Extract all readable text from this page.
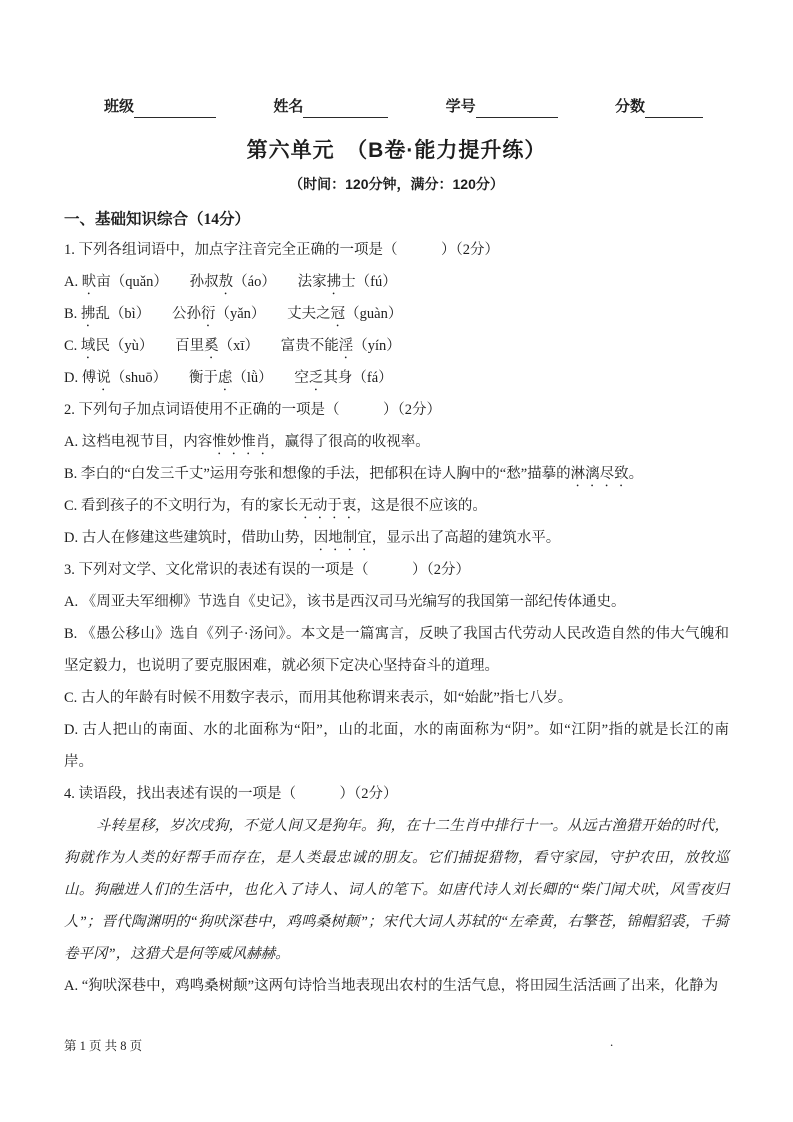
班级	姓名	学号	分数
第六单元　（B卷·能力提升练）
（时间：120分钟，满分：120分）
一、基础知识综合（14分）

1. 下列各组词语中，加点字注音完全正确的一项是（　　　）（2分）

A. 畎亩（quǎn）　　孙叔敖（áo）　　法家拂士（fú）

B. 拂乱（bì）　　公孙衍（yǎn）　　丈夫之冠（guàn）

C. 域民（yù）　　百里奚（xī）　　富贵不能淫（yín）

D. 傅说（shuō）　　衡于虑（lǜ）　　空乏其身（fá）

2. 下列句子加点词语使用不正确的一项是（　　　）（2分）

A. 这档电视节目，内容惟妙惟肖，赢得了很高的收视率。

B. 李白的“白发三千丈”运用夸张和想像的手法，把郁积在诗人胸中的“愁”描摹的淋漓尽致。

C. 看到孩子的不文明行为，有的家长无动于衷，这是很不应该的。

D. 古人在修建这些建筑时，借助山势，因地制宜，显示出了高超的建筑水平。

3. 下列对文学、文化常识的表述有误的一项是（　　　）（2分）

A. 《周亚夫军细柳》节选自《史记》，该书是西汉司马光编写的我国第一部纪传体通史。

B. 《愚公移山》选自《列子·汤问》。本文是一篇寓言，反映了我国古代劳动人民改造自然的伟大气魄和坚定毅力，也说明了要克服困难，就必须下定决心坚持奋斗的道理。

C. 古人的年龄有时候不用数字表示，而用其他称谓来表示，如“始龀”指七八岁。

D. 古人把山的南面、水的北面称为“阳”，山的北面，水的南面称为“阴”。如“江阴”指的就是长江的南岸。

4. 读语段，找出表述有误的一项是（　　　）（2分）

斗转星移，岁次戌狗，不觉人间又是狗年。狗，在十二生肖中排行十一。从远古渔猎开始的时代，狗就作为人类的好帮手而存在，是人类最忠诚的朋友。它们捕捉猎物，看守家园，守护农田，放牧巡山。狗融进人们的生活中，也化入了诗人、词人的笔下。如唐代诗人刘长卿的“柴门闻犬吠，风雪夜归人”；晋代陶渊明的“狗吠深巷中，鸡鸣桑树颠”；宋代大词人苏轼的“左牵黄，右擎苍，锦帽貂裘，千骑卷平冈”，这猎犬是何等威风赫赫。

A. “狗吠深巷中，鸡鸣桑树颠”这两句诗恰当地表现出农村的生活气息，将田园生活活画了出来，化静为

第 1 页 共 8 页	.
